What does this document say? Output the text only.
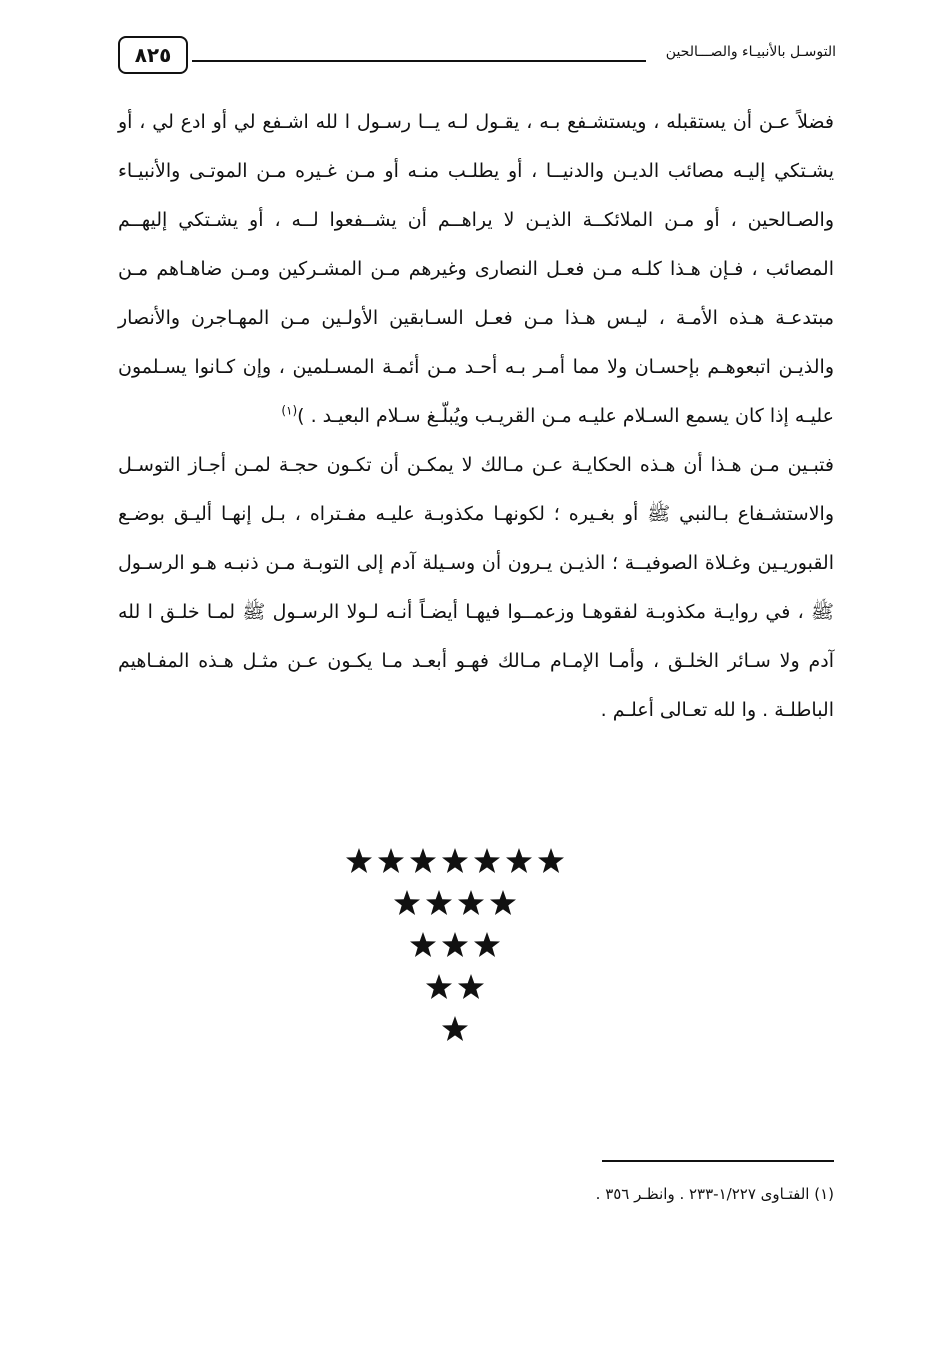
٨٢٥	التوسـل بالأنبيـاء والصـــالحين

فضلاً عـن أن يستقبله ، ويستشـفع بـه ، يقـول لـه يــا رسـول ا لله اشـفع لي أو ادع لي ، أو يشـتكي إليـه مصائب الديـن والدنيــا ، أو يطلـب منـه أو مـن غـيره مـن الموتـى والأنبيـاء والصـالحين ، أو مـن الملائكــة الذيـن لا يراهــم أن يشــفعوا لــه ، أو يشـتكي إليهــم المصائب ، فـإن هـذا كلـه مـن فعـل النصارى وغيرهم مـن المشـركين ومـن ضاهـاهم مـن مبتدعـة هـذه الأمـة ، ليـس هـذا مـن فعـل السـابقين الأولـين مـن المهـاجرن والأنصار والذيـن اتبعوهـم بإحسـان ولا مما أمـر بـه أحـد مـن أئمـة المسـلمين ، وإن كـانوا يسـلمون عليـه إذا كان يسمع السـلام عليـه مـن القريـب ويُبلّـغ سـلام البعيـد . )$^{(١)}$

فتبـين مـن هـذا أن هـذه الحكايـة عـن مـالك لا يمكـن أن تكـون حجـة لمـن أجـاز التوسـل والاستشـفاع بـالنبي ﷺ أو بغـيره ؛ لكونهـا مكذوبـة عليـه مفـتراه ، بـل إنهـا أليـق بوضـع القبوريـين وغـلاة الصوفيــة ؛ الذيـن يـرون أن وسـيلة آدم إلى التوبـة مـن ذنبـه هـو الرسـول ﷺ ، في روايـة مكذوبـة لفقوهـا وزعمــوا فيهـا أيضـاً أنـه لـولا الرسـول ﷺ لمـا خلـق ا لله آدم ولا سـائر الخلـق ، وأمـا الإمـام مـالك فهـو أبعـد مـا يكـون عـن مثـل هـذه المفـاهيم الباطلـة . وا لله تعـالى أعلـم .

(١) الفتـاوى ١/٢٢٧-٢٣٣ . وانظـر ٣٥٦ .
